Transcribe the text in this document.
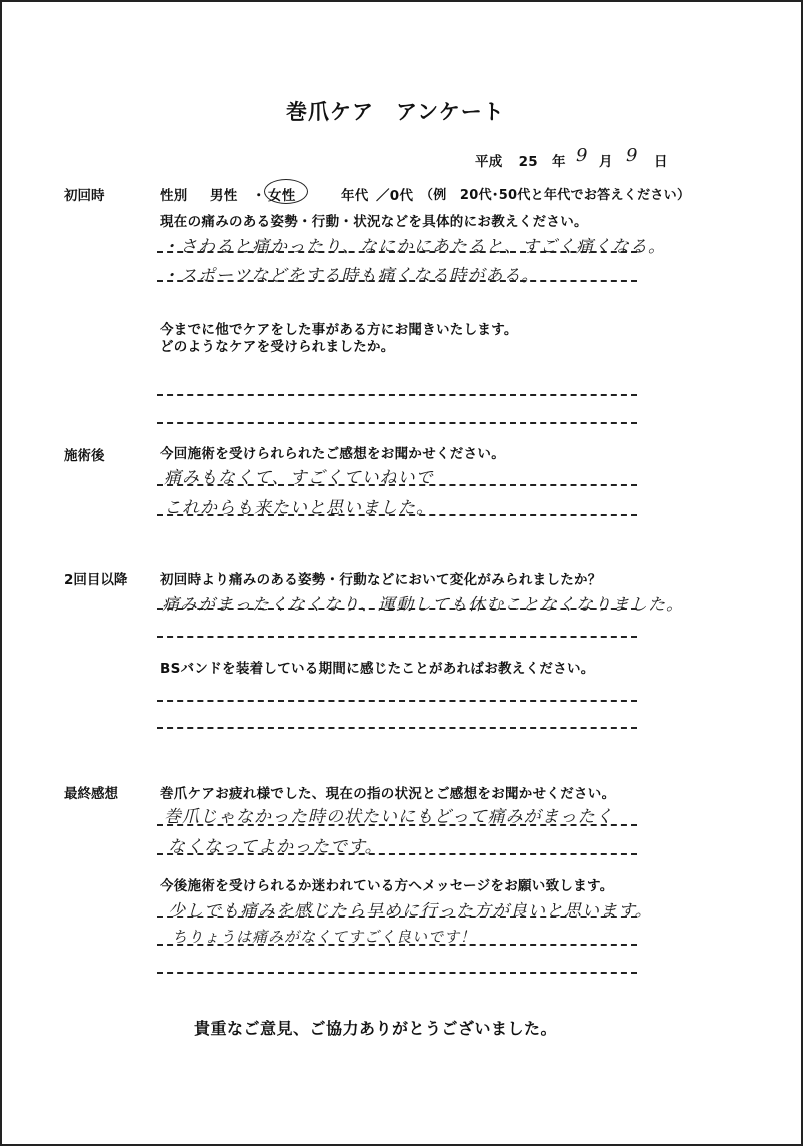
巻爪ケア　アンケート
平成 25 年 9 月 9 日
初回時	性別 男性 ・ 女性	年代 ／0代 （例　20代･50代と年代でお答えください）
現在の痛みのある姿勢・行動・状況などを具体的にお教えください。
・さわると痛かったり、なにかにあたると、すごく痛くなる。
・スポーツなどをする時も痛くなる時がある。
今までに他でケアをした事がある方にお聞きいたします。
どのようなケアを受けられましたか。
施術後	今回施術を受けられられたご感想をお聞かせください。
痛みもなくて、すごくていねいで
これからも来たいと思いました。
2回目以降 初回時より痛みのある姿勢・行動などにおいて変化がみられましたか？
痛みがまったくなくなり、運動しても休むことなくなりました。
BSバンドを装着している期間に感じたことがあればお教えください。
最終感想	巻爪ケアお疲れ様でした、現在の指の状況とご感想をお聞かせください。
巻爪じゃなかった時の状たいにもどって痛みがまったく
なくなってよかったです。
今後施術を受けられるか迷われている方へメッセージをお願い致します。
少しでも痛みを感じたら早めに行った方が良いと思います。
ちりょうは痛みがなくてすごく良いです！
貴重なご意見、ご協力ありがとうございました。
